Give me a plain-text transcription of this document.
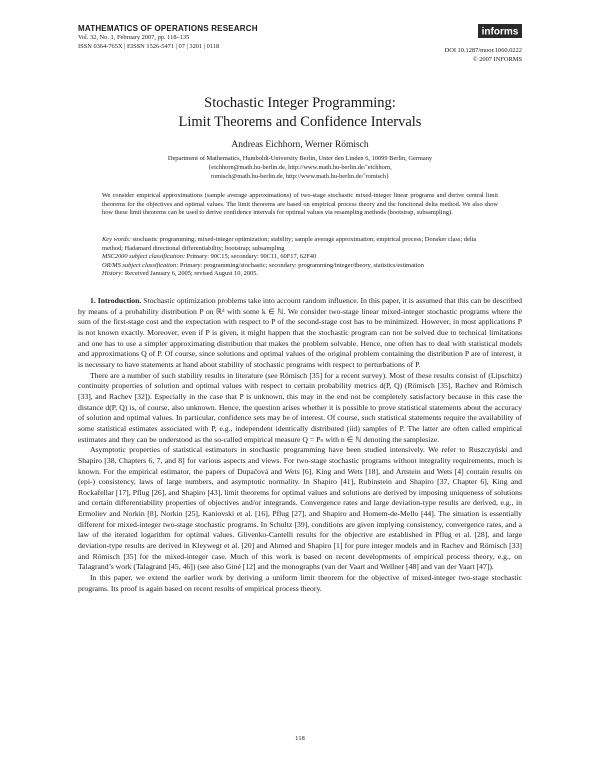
MATHEMATICS OF OPERATIONS RESEARCH
Vol. 32, No. 1, February 2007, pp. 118–135
ISSN 0364-765X | EISSN 1526-5471 | 07 | 3201 | 0118
informs
DOI 10.1287/moor.1060.0222
© 2007 INFORMS
Stochastic Integer Programming:
Limit Theorems and Confidence Intervals
Andreas Eichhorn, Werner Römisch
Department of Mathematics, Humboldt-University Berlin, Unter den Linden 6, 10099 Berlin, Germany
{eichhorn@math.hu-berlin.de, http://www.math.hu-berlin.de/˜eichhorn,
romisch@math.hu-berlin.de, http://www.math.hu-berlin.de/˜romisch}
We consider empirical approximations (sample average approximations) of two-stage stochastic mixed-integer linear programs and derive central limit theorems for the objectives and optimal values. The limit theorems are based on empirical process theory and the functional delta method. We also show how these limit theorems can be used to derive confidence intervals for optimal values via resampling methods (bootstrap, subsampling).
Key words: stochastic programming; mixed-integer optimization; stability; sample average approximation; empirical process; Donsker class; delta method; Hadamard directional differentiability; bootstrap; subsampling
MSC2000 subject classification: Primary: 90C15; secondary: 90C11, 60F17, 62F40
OR/MS subject classification: Primary: programming/stochastic; secondary: programming/integer/theory, statistics/estimation
History: Received January 6, 2005; revised August 10, 2005.

1. Introduction. Stochastic optimization problems take into account random influence. In this paper, it is assumed that this can be described by means of a probability distribution P on ℝᵈ with some k ∈ ℕ. We consider two-stage linear mixed-integer stochastic programs where the sum of the first-stage cost and the expectation with respect to P of the second-stage cost has to be minimized. However, in most applications P is not known exactly. Moreover, even if P is given, it might happen that the stochastic program can not be solved due to technical limitations and one has to use a simpler approximating distribution that makes the problem solvable. Hence, one often has to deal with statistical models and approximations Q of P. Of course, since solutions and optimal values of the original problem containing the distribution P are of interest, it is necessary to have statements at hand about stability of stochastic programs with respect to perturbations of P.

There are a number of such stability results in literature (see Römisch [35] for a recent survey). Most of these results consist of (Lipschitz) continuity properties of solution and optimal values with respect to certain probability metrics d(P, Q) (Römisch [35], Rachev and Römisch [33], and Rachev [32]). Especially in the case that P is unknown, this may in the end not be completely satisfactory because in this case the distance d(P, Q) is, of course, also unknown. Hence, the question arises whether it is possible to prove statistical statements about the accuracy of solution and optimal values. In particular, confidence sets may be of interest. Of course, such statistical statements require the availability of some statistical estimates associated with P, e.g., independent identically distributed (iid) samples of P. The latter are often called empirical estimates and they can be understood as the so-called empirical measure Q = Pₙ with n ∈ ℕ denoting the samplesize.

Asymptotic properties of statistical estimators in stochastic programming have been studied intensively. We refer to Ruszczyński and Shapiro [38, Chapters 6, 7, and 8] for various aspects and views. For two-stage stochastic programs without integrality requirements, much is known. For the empirical estimator, the papers of Dupačová and Wets [6], King and Wets [18], and Artstein and Wets [4] contain results on (epi-) consistency, laws of large numbers, and asymptotic normality. In Shapiro [41], Rubinstein and Shapiro [37, Chapter 6], King and Rockafellar [17], Pflug [26], and Shapiro [43], limit theorems for optimal values and solutions are derived by imposing uniqueness of solutions and certain differentiability properties of objectives and/or integrands. Convergence rates and large deviation-type results are derived, e.g., in Ermoliev and Norkin [8], Norkin [25], Kaniovski et al. [16], Pflug [27], and Shapiro and Homem-de-Mello [44]. The situation is essentially different for mixed-integer two-stage stochastic programs. In Schultz [39], conditions are given implying consistency, convergence rates, and a law of the iterated logarithm for optimal values. Glivenko-Cantelli results for the objective are established in Pflug et al. [28], and large deviation-type results are derived in Kleywegt et al. [20] and Ahmed and Shapiro [1] for pure integer models and in Rachev and Römisch [33] and Römisch [35] for the mixed-integer case. Much of this work is based on recent developments of empirical process theory, e.g., on Talagrand’s work (Talagrand [45, 46]) (see also Giné [12] and the monographs (van der Vaart and Wellner [48] and van der Vaart [47]).

In this paper, we extend the earlier work by deriving a uniform limit theorem for the objective of mixed-integer two-stage stochastic programs. Its proof is again based on recent results of empirical process theory.

118
